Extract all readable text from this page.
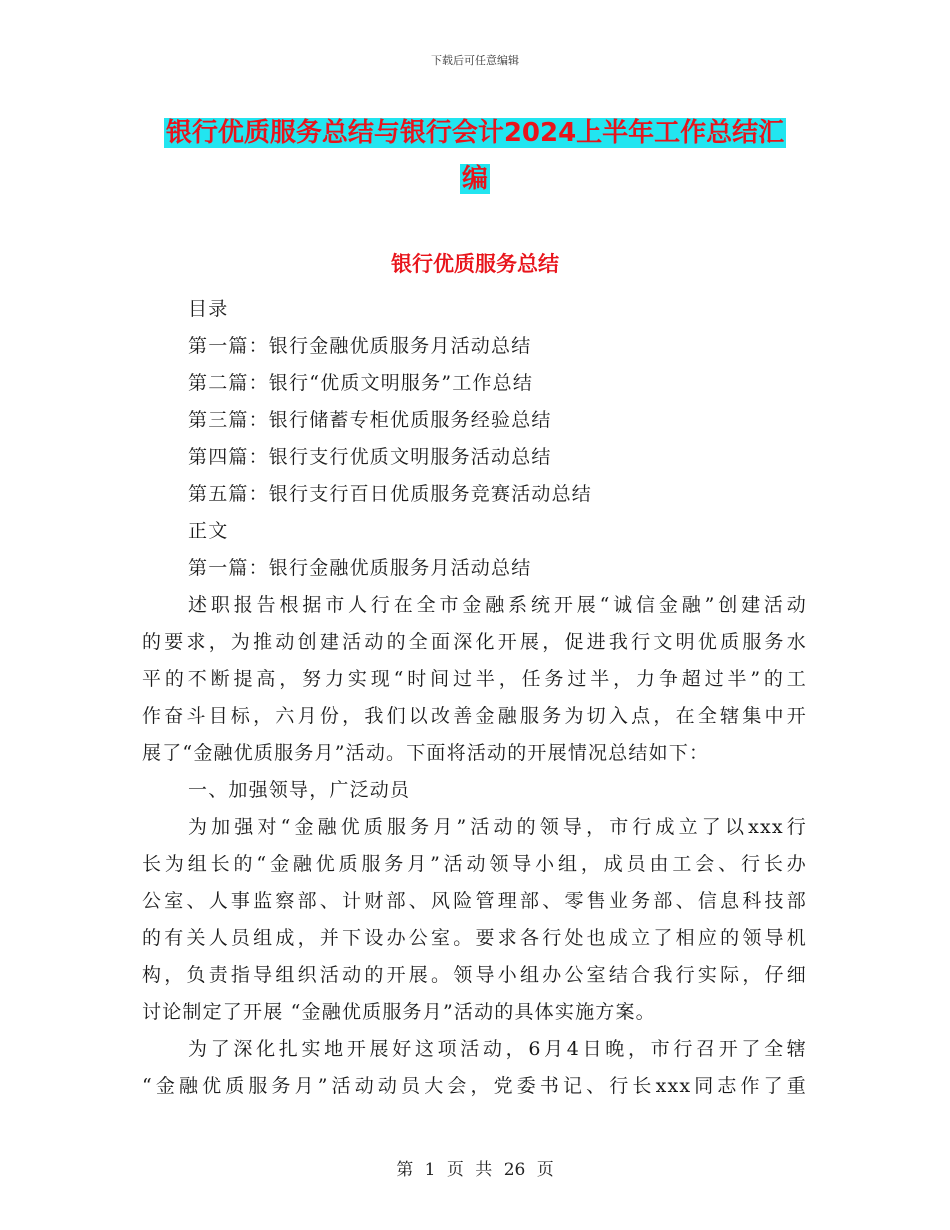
下载后可任意编辑
银行优质服务总结与银行会计2024上半年工作总结汇
编
银行优质服务总结
目录
第一篇：银行金融优质服务月活动总结
第二篇：银行“优质文明服务”工作总结
第三篇：银行储蓄专柜优质服务经验总结
第四篇：银行支行优质文明服务活动总结
第五篇：银行支行百日优质服务竞赛活动总结
正文
第一篇：银行金融优质服务月活动总结
述职报告根据市人行在全市金融系统开展“诚信金融”创建活动
的要求，为推动创建活动的全面深化开展，促进我行文明优质服务水
平的不断提高，努力实现“时间过半，任务过半，力争超过半”的工
作奋斗目标，六月份，我们以改善金融服务为切入点，在全辖集中开
展了“金融优质服务月”活动。下面将活动的开展情况总结如下：
一、加强领导，广泛动员
为加强对“金融优质服务月”活动的领导，市行成立了以xxx行
长为组长的“金融优质服务月”活动领导小组，成员由工会、行长办
公室、人事监察部、计财部、风险管理部、零售业务部、信息科技部
的有关人员组成，并下设办公室。要求各行处也成立了相应的领导机
构，负责指导组织活动的开展。领导小组办公室结合我行实际，仔细
讨论制定了开展 “金融优质服务月”活动的具体实施方案。
为了深化扎实地开展好这项活动，6月4日晚，市行召开了全辖
“金融优质服务月”活动动员大会，党委书记、行长xxx同志作了重
第 1 页 共 26 页
